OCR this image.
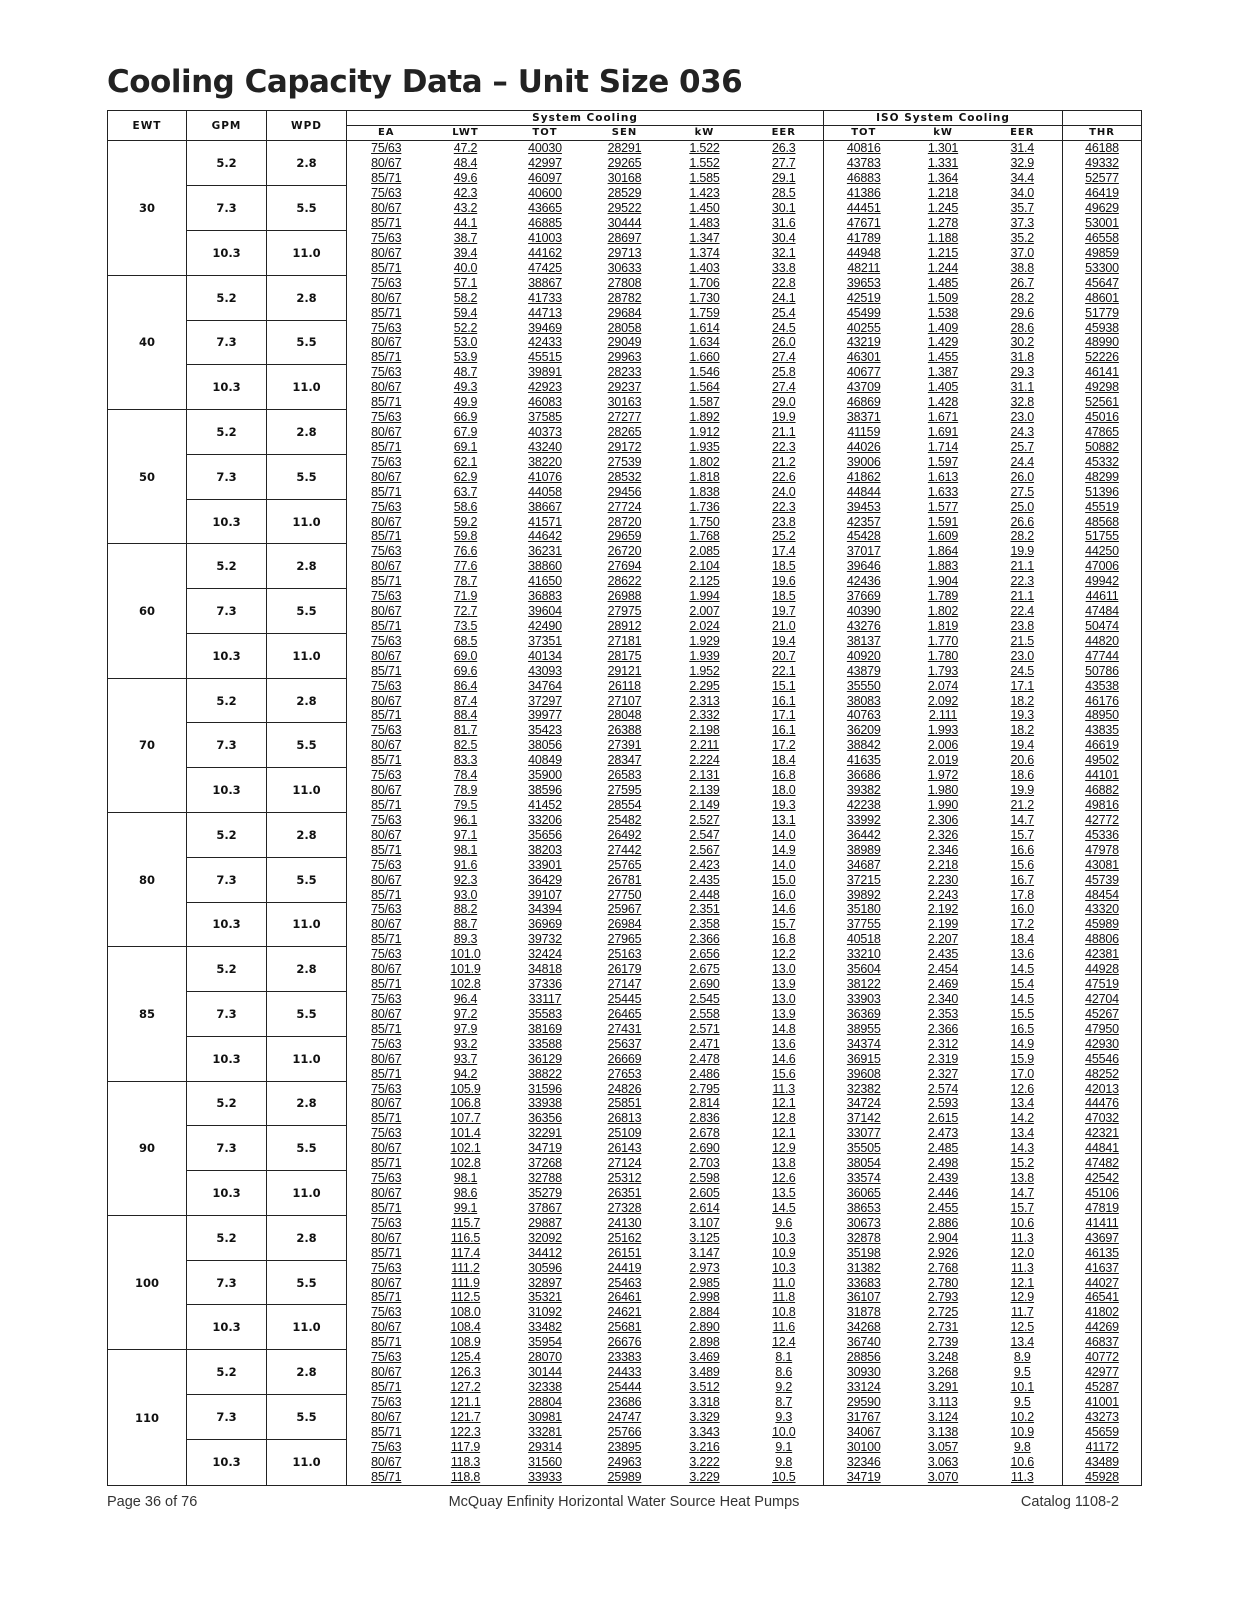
Cooling Capacity Data – Unit Size 036
EWT	GPM	WPD	System Cooling						ISO System Cooling			
			EA	LWT	TOT	SEN	kW	EER	TOT	kW	EER	THR
30	5.2	2.8	75/63	47.2	40030	28291	1.522	26.3	40816	1.301	31.4	46188
			80/67	48.4	42997	29265	1.552	27.7	43783	1.331	32.9	49332
			85/71	49.6	46097	30168	1.585	29.1	46883	1.364	34.4	52577
	7.3	5.5	75/63	42.3	40600	28529	1.423	28.5	41386	1.218	34.0	46419
			80/67	43.2	43665	29522	1.450	30.1	44451	1.245	35.7	49629
			85/71	44.1	46885	30444	1.483	31.6	47671	1.278	37.3	53001
	10.3	11.0	75/63	38.7	41003	28697	1.347	30.4	41789	1.188	35.2	46558
			80/67	39.4	44162	29713	1.374	32.1	44948	1.215	37.0	49859
			85/71	40.0	47425	30633	1.403	33.8	48211	1.244	38.8	53300
40	5.2	2.8	75/63	57.1	38867	27808	1.706	22.8	39653	1.485	26.7	45647
			80/67	58.2	41733	28782	1.730	24.1	42519	1.509	28.2	48601
			85/71	59.4	44713	29684	1.759	25.4	45499	1.538	29.6	51779
	7.3	5.5	75/63	52.2	39469	28058	1.614	24.5	40255	1.409	28.6	45938
			80/67	53.0	42433	29049	1.634	26.0	43219	1.429	30.2	48990
			85/71	53.9	45515	29963	1.660	27.4	46301	1.455	31.8	52226
	10.3	11.0	75/63	48.7	39891	28233	1.546	25.8	40677	1.387	29.3	46141
			80/67	49.3	42923	29237	1.564	27.4	43709	1.405	31.1	49298
			85/71	49.9	46083	30163	1.587	29.0	46869	1.428	32.8	52561
50	5.2	2.8	75/63	66.9	37585	27277	1.892	19.9	38371	1.671	23.0	45016
			80/67	67.9	40373	28265	1.912	21.1	41159	1.691	24.3	47865
			85/71	69.1	43240	29172	1.935	22.3	44026	1.714	25.7	50882
	7.3	5.5	75/63	62.1	38220	27539	1.802	21.2	39006	1.597	24.4	45332
			80/67	62.9	41076	28532	1.818	22.6	41862	1.613	26.0	48299
			85/71	63.7	44058	29456	1.838	24.0	44844	1.633	27.5	51396
	10.3	11.0	75/63	58.6	38667	27724	1.736	22.3	39453	1.577	25.0	45519
			80/67	59.2	41571	28720	1.750	23.8	42357	1.591	26.6	48568
			85/71	59.8	44642	29659	1.768	25.2	45428	1.609	28.2	51755
60	5.2	2.8	75/63	76.6	36231	26720	2.085	17.4	37017	1.864	19.9	44250
			80/67	77.6	38860	27694	2.104	18.5	39646	1.883	21.1	47006
			85/71	78.7	41650	28622	2.125	19.6	42436	1.904	22.3	49942
	7.3	5.5	75/63	71.9	36883	26988	1.994	18.5	37669	1.789	21.1	44611
			80/67	72.7	39604	27975	2.007	19.7	40390	1.802	22.4	47484
			85/71	73.5	42490	28912	2.024	21.0	43276	1.819	23.8	50474
	10.3	11.0	75/63	68.5	37351	27181	1.929	19.4	38137	1.770	21.5	44820
			80/67	69.0	40134	28175	1.939	20.7	40920	1.780	23.0	47744
			85/71	69.6	43093	29121	1.952	22.1	43879	1.793	24.5	50786
70	5.2	2.8	75/63	86.4	34764	26118	2.295	15.1	35550	2.074	17.1	43538
			80/67	87.4	37297	27107	2.313	16.1	38083	2.092	18.2	46176
			85/71	88.4	39977	28048	2.332	17.1	40763	2.111	19.3	48950
	7.3	5.5	75/63	81.7	35423	26388	2.198	16.1	36209	1.993	18.2	43835
			80/67	82.5	38056	27391	2.211	17.2	38842	2.006	19.4	46619
			85/71	83.3	40849	28347	2.224	18.4	41635	2.019	20.6	49502
	10.3	11.0	75/63	78.4	35900	26583	2.131	16.8	36686	1.972	18.6	44101
			80/67	78.9	38596	27595	2.139	18.0	39382	1.980	19.9	46882
			85/71	79.5	41452	28554	2.149	19.3	42238	1.990	21.2	49816
80	5.2	2.8	75/63	96.1	33206	25482	2.527	13.1	33992	2.306	14.7	42772
			80/67	97.1	35656	26492	2.547	14.0	36442	2.326	15.7	45336
			85/71	98.1	38203	27442	2.567	14.9	38989	2.346	16.6	47978
	7.3	5.5	75/63	91.6	33901	25765	2.423	14.0	34687	2.218	15.6	43081
			80/67	92.3	36429	26781	2.435	15.0	37215	2.230	16.7	45739
			85/71	93.0	39107	27750	2.448	16.0	39892	2.243	17.8	48454
	10.3	11.0	75/63	88.2	34394	25967	2.351	14.6	35180	2.192	16.0	43320
			80/67	88.7	36969	26984	2.358	15.7	37755	2.199	17.2	45989
			85/71	89.3	39732	27965	2.366	16.8	40518	2.207	18.4	48806
85	5.2	2.8	75/63	101.0	32424	25163	2.656	12.2	33210	2.435	13.6	42381
			80/67	101.9	34818	26179	2.675	13.0	35604	2.454	14.5	44928
			85/71	102.8	37336	27147	2.690	13.9	38122	2.469	15.4	47519
	7.3	5.5	75/63	96.4	33117	25445	2.545	13.0	33903	2.340	14.5	42704
			80/67	97.2	35583	26465	2.558	13.9	36369	2.353	15.5	45267
			85/71	97.9	38169	27431	2.571	14.8	38955	2.366	16.5	47950
	10.3	11.0	75/63	93.2	33588	25637	2.471	13.6	34374	2.312	14.9	42930
			80/67	93.7	36129	26669	2.478	14.6	36915	2.319	15.9	45546
			85/71	94.2	38822	27653	2.486	15.6	39608	2.327	17.0	48252
90	5.2	2.8	75/63	105.9	31596	24826	2.795	11.3	32382	2.574	12.6	42013
			80/67	106.8	33938	25851	2.814	12.1	34724	2.593	13.4	44476
			85/71	107.7	36356	26813	2.836	12.8	37142	2.615	14.2	47032
	7.3	5.5	75/63	101.4	32291	25109	2.678	12.1	33077	2.473	13.4	42321
			80/67	102.1	34719	26143	2.690	12.9	35505	2.485	14.3	44841
			85/71	102.8	37268	27124	2.703	13.8	38054	2.498	15.2	47482
	10.3	11.0	75/63	98.1	32788	25312	2.598	12.6	33574	2.439	13.8	42542
			80/67	98.6	35279	26351	2.605	13.5	36065	2.446	14.7	45106
			85/71	99.1	37867	27328	2.614	14.5	38653	2.455	15.7	47819
100	5.2	2.8	75/63	115.7	29887	24130	3.107	9.6	30673	2.886	10.6	41411
			80/67	116.5	32092	25162	3.125	10.3	32878	2.904	11.3	43697
			85/71	117.4	34412	26151	3.147	10.9	35198	2.926	12.0	46135
	7.3	5.5	75/63	111.2	30596	24419	2.973	10.3	31382	2.768	11.3	41637
			80/67	111.9	32897	25463	2.985	11.0	33683	2.780	12.1	44027
			85/71	112.5	35321	26461	2.998	11.8	36107	2.793	12.9	46541
	10.3	11.0	75/63	108.0	31092	24621	2.884	10.8	31878	2.725	11.7	41802
			80/67	108.4	33482	25681	2.890	11.6	34268	2.731	12.5	44269
			85/71	108.9	35954	26676	2.898	12.4	36740	2.739	13.4	46837
110	5.2	2.8	75/63	125.4	28070	23383	3.469	8.1	28856	3.248	8.9	40772
			80/67	126.3	30144	24433	3.489	8.6	30930	3.268	9.5	42977
			85/71	127.2	32338	25444	3.512	9.2	33124	3.291	10.1	45287
	7.3	5.5	75/63	121.1	28804	23686	3.318	8.7	29590	3.113	9.5	41001
			80/67	121.7	30981	24747	3.329	9.3	31767	3.124	10.2	43273
			85/71	122.3	33281	25766	3.343	10.0	34067	3.138	10.9	45659
	10.3	11.0	75/63	117.9	29314	23895	3.216	9.1	30100	3.057	9.8	41172
			80/67	118.3	31560	24963	3.222	9.8	32346	3.063	10.6	43489
			85/71	118.8	33933	25989	3.229	10.5	34719	3.070	11.3	45928
Page 36 of 76	McQuay Enfinity Horizontal Water Source Heat Pumps	Catalog 1108-2
